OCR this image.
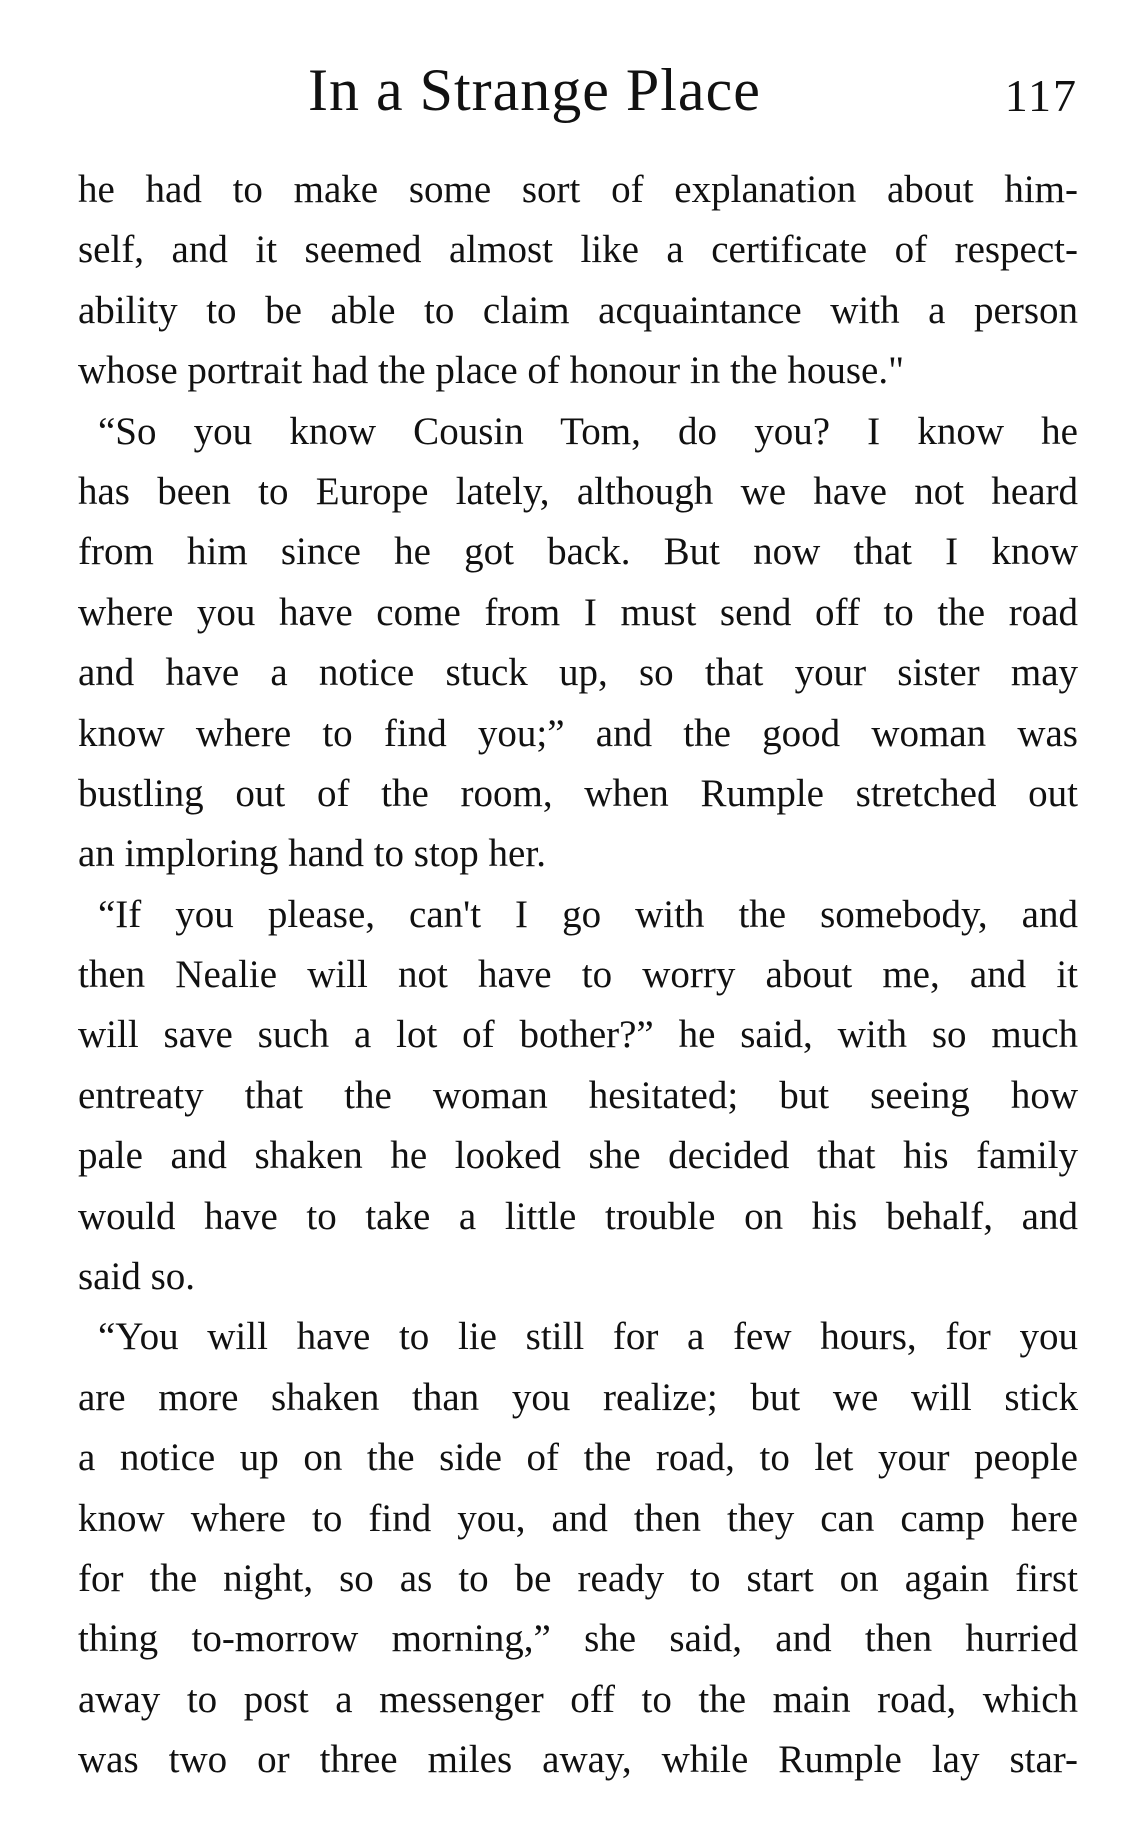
In a Strange Place	117
he had to make some sort of explanation about him-
self, and it seemed almost like a certificate of respect-
ability to be able to claim acquaintance with a person
whose portrait had the place of honour in the house."
“So you know Cousin Tom, do you? I know he
has been to Europe lately, although we have not heard
from him since he got back. But now that I know
where you have come from I must send off to the road
and have a notice stuck up, so that your sister may
know where to find you;” and the good woman was
bustling out of the room, when Rumple stretched out
an imploring hand to stop her.
“If you please, can't I go with the somebody, and
then Nealie will not have to worry about me, and it
will save such a lot of bother?” he said, with so much
entreaty that the woman hesitated; but seeing how
pale and shaken he looked she decided that his family
would have to take a little trouble on his behalf, and
said so.
“You will have to lie still for a few hours, for you
are more shaken than you realize; but we will stick
a notice up on the side of the road, to let your people
know where to find you, and then they can camp here
for the night, so as to be ready to start on again first
thing to-morrow morning,” she said, and then hurried
away to post a messenger off to the main road, which
was two or three miles away, while Rumple lay star-
